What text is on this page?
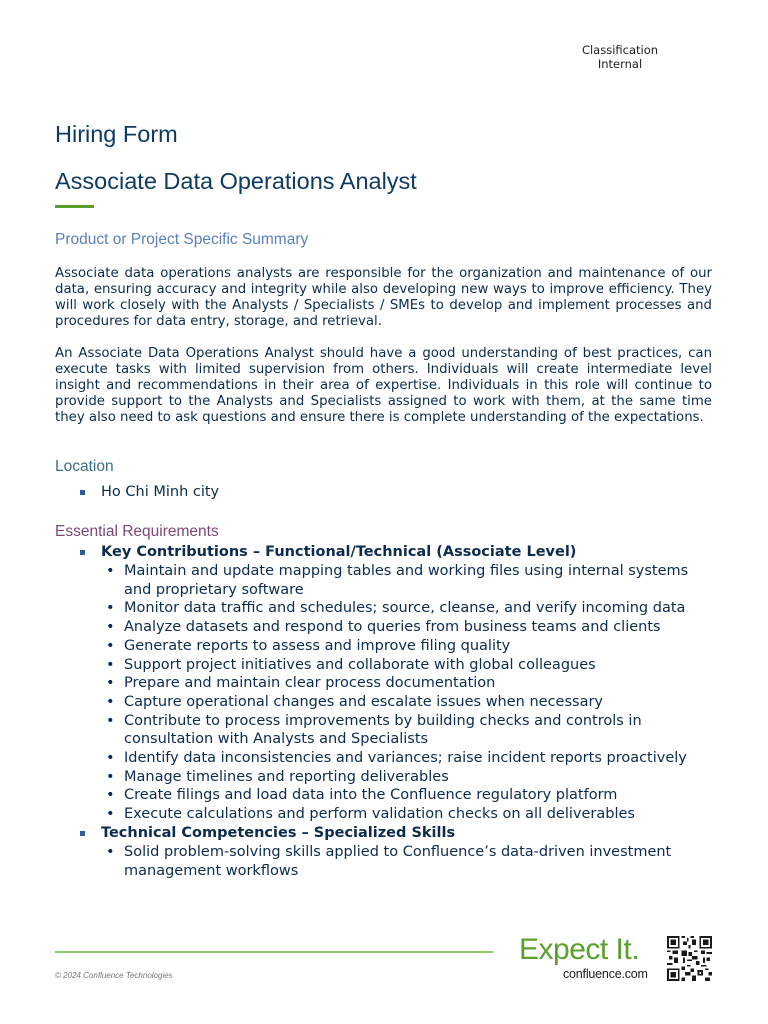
Classification
Internal
Hiring Form
Associate Data Operations Analyst
Product or Project Specific Summary

Associate data operations analysts are responsible for the organization and maintenance of our data, ensuring accuracy and integrity while also developing new ways to improve efficiency. They will work closely with the Analysts / Specialists / SMEs to develop and implement processes and procedures for data entry, storage, and retrieval.

An Associate Data Operations Analyst should have a good understanding of best practices, can execute tasks with limited supervision from others. Individuals will create intermediate level insight and recommendations in their area of expertise. Individuals in this role will continue to provide support to the Analysts and Specialists assigned to work with them, at the same time they also need to ask questions and ensure there is complete understanding of the expectations.

Location
Ho Chi Minh city
Essential Requirements
Key Contributions – Functional/Technical (Associate Level)
• Maintain and update mapping tables and working files using internal systems and proprietary software
• Monitor data traffic and schedules; source, cleanse, and verify incoming data
• Analyze datasets and respond to queries from business teams and clients
• Generate reports to assess and improve filing quality
• Support project initiatives and collaborate with global colleagues
• Prepare and maintain clear process documentation
• Capture operational changes and escalate issues when necessary
• Contribute to process improvements by building checks and controls in consultation with Analysts and Specialists
• Identify data inconsistencies and variances; raise incident reports proactively
• Manage timelines and reporting deliverables
• Create filings and load data into the Confluence regulatory platform
• Execute calculations and perform validation checks on all deliverables
Technical Competencies – Specialized Skills
• Solid problem-solving skills applied to Confluence’s data-driven investment management workflows
© 2024 Confluence Technologies
Expect It.
confluence.com
